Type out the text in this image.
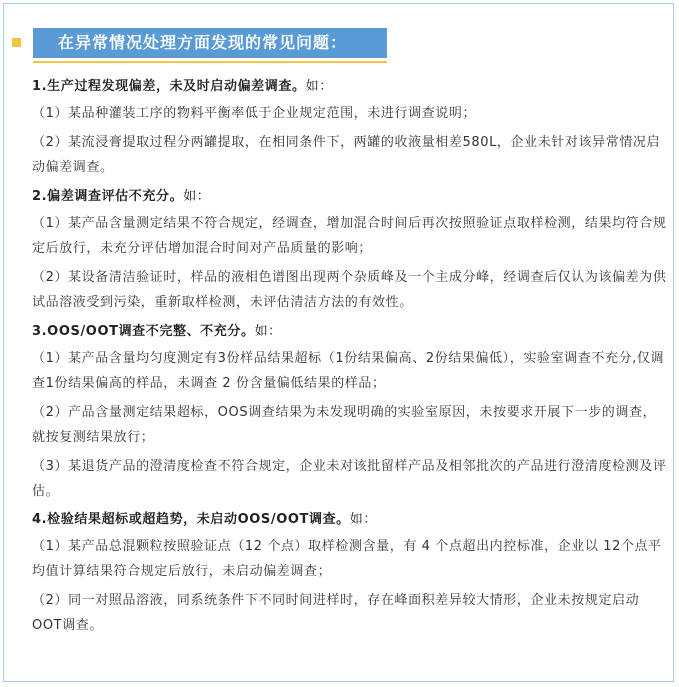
在异常情况处理方面发现的常见问题：

1.生产过程发现偏差，未及时启动偏差调查。如：

（1）某品种灌装工序的物料平衡率低于企业规定范围，未进行调查说明；

（2）某流浸膏提取过程分两罐提取，在相同条件下，两罐的收液量相差580L，企业未针对该异常情况启动偏差调查。

2.偏差调查评估不充分。如：

（1）某产品含量测定结果不符合规定，经调查，增加混合时间后再次按照验证点取样检测，结果均符合规定后放行，未充分评估增加混合时间对产品质量的影响；

（2）某设备清洁验证时，样品的液相色谱图出现两个杂质峰及一个主成分峰，经调查后仅认为该偏差为供试品溶液受到污染，重新取样检测，未评估清洁方法的有效性。

3.OOS/OOT调查不完整、不充分。如：

（1）某产品含量均匀度测定有3份样品结果超标（1份结果偏高、2份结果偏低），实验室调查不充分,仅调查1份结果偏高的样品，未调查 2 份含量偏低结果的样品；

（2）产品含量测定结果超标，OOS调查结果为未发现明确的实验室原因，未按要求开展下一步的调查，就按复测结果放行；

（3）某退货产品的澄清度检查不符合规定，企业未对该批留样产品及相邻批次的产品进行澄清度检测及评估。

4.检验结果超标或超趋势，未启动OOS/OOT调查。如：

（1）某产品总混颗粒按照验证点（12 个点）取样检测含量，有 4 个点超出内控标准，企业以 12个点平均值计算结果符合规定后放行，未启动偏差调查；

（2）同一对照品溶液，同系统条件下不同时间进样时，存在峰面积差异较大情形，企业未按规定启动OOT调查。
